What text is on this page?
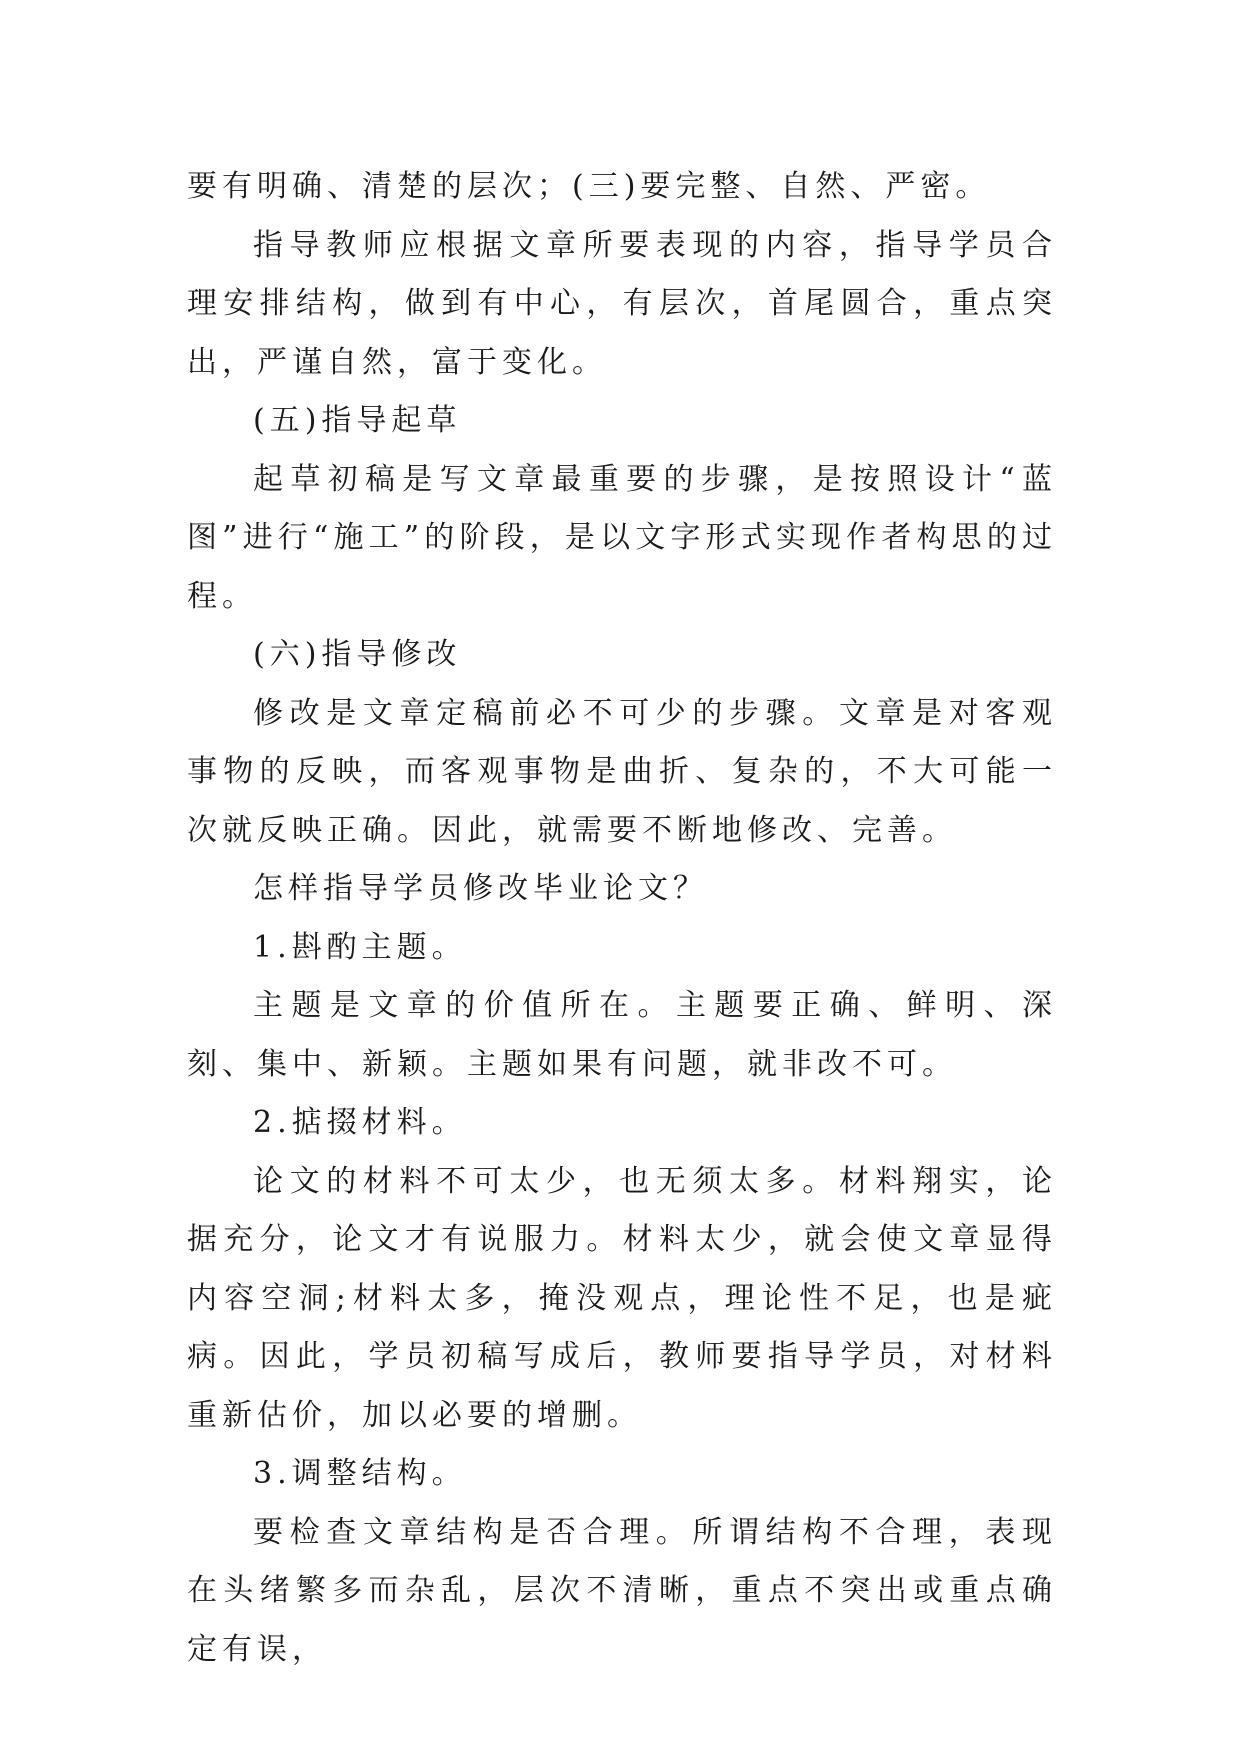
要有明确、清楚的层次；(三)要完整、自然、严密。

指导教师应根据文章所要表现的内容，指导学员合理安排结构，做到有中心，有层次，首尾圆合，重点突出，严谨自然，富于变化。

(五)指导起草

起草初稿是写文章最重要的步骤，是按照设计“蓝图”进行“施工”的阶段，是以文字形式实现作者构思的过程。

(六)指导修改

修改是文章定稿前必不可少的步骤。文章是对客观事物的反映，而客观事物是曲折、复杂的，不大可能一次就反映正确。因此，就需要不断地修改、完善。

怎样指导学员修改毕业论文？

1.斟酌主题。

主题是文章的价值所在。主题要正确、鲜明、深刻、集中、新颖。主题如果有问题，就非改不可。

2.掂掇材料。

论文的材料不可太少，也无须太多。材料翔实，论据充分，论文才有说服力。材料太少，就会使文章显得内容空洞;材料太多，掩没观点，理论性不足，也是疵病。因此，学员初稿写成后，教师要指导学员，对材料重新估价，加以必要的增删。

3.调整结构。

要检查文章结构是否合理。所谓结构不合理，表现在头绪繁多而杂乱，层次不清晰，重点不突出或重点确定有误，
